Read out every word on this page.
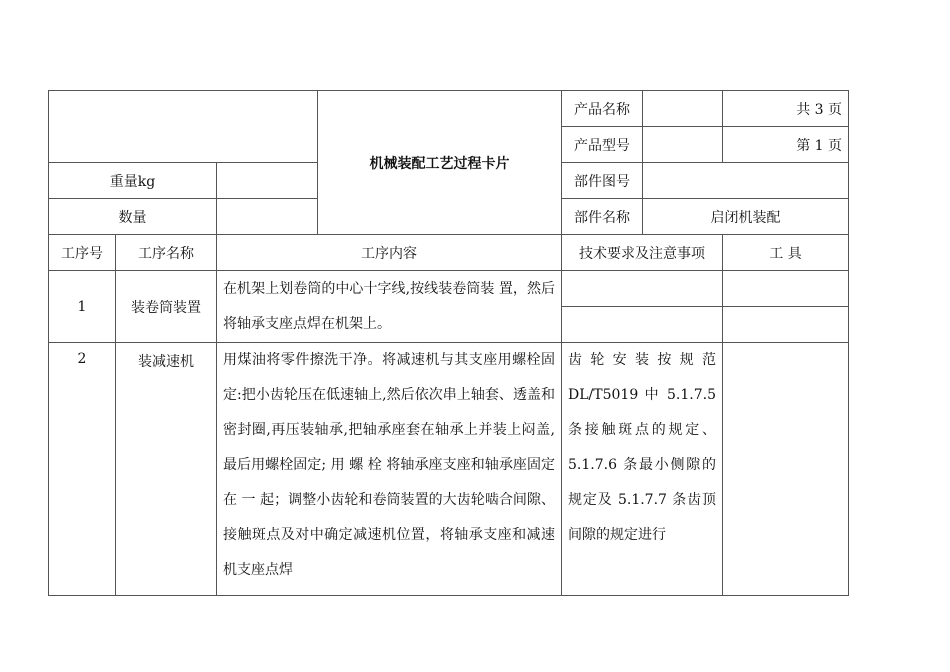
			机械装配工艺过程卡片	产品名称		共 3 页
				产品型号		第 1 页
重量kg				部件图号		
数量				部件名称	启闭机装配	
工序号	工序名称	工序内容		技术要求及注意事项		工 具
1	装卷筒装置	在机架上划卷筒的中心十字线,按线装卷筒装 置，然后将轴承支座点焊在机架上。				

2	装减速机	用煤油将零件擦洗干净。将减速机与其支座用螺栓固定:把小齿轮压在低速轴上,然后依次串上轴套、透盖和密封圈,再压装轴承,把轴承座套在轴承上并装上闷盖,最后用螺栓固定; 用 螺 栓 将轴承座支座和轴承座固定在 一 起；调整小齿轮和卷筒装置的大齿轮啮合间隙、接触斑点及对中确定减速机位置，将轴承支座和减速机支座点焊		齿轮安装按规范 DL/T5019 中 5.1.7.5 条接触斑点的规定、5.1.7.6 条最小侧隙的规定及 5.1.7.7 条齿顶间隙的规定进行		
